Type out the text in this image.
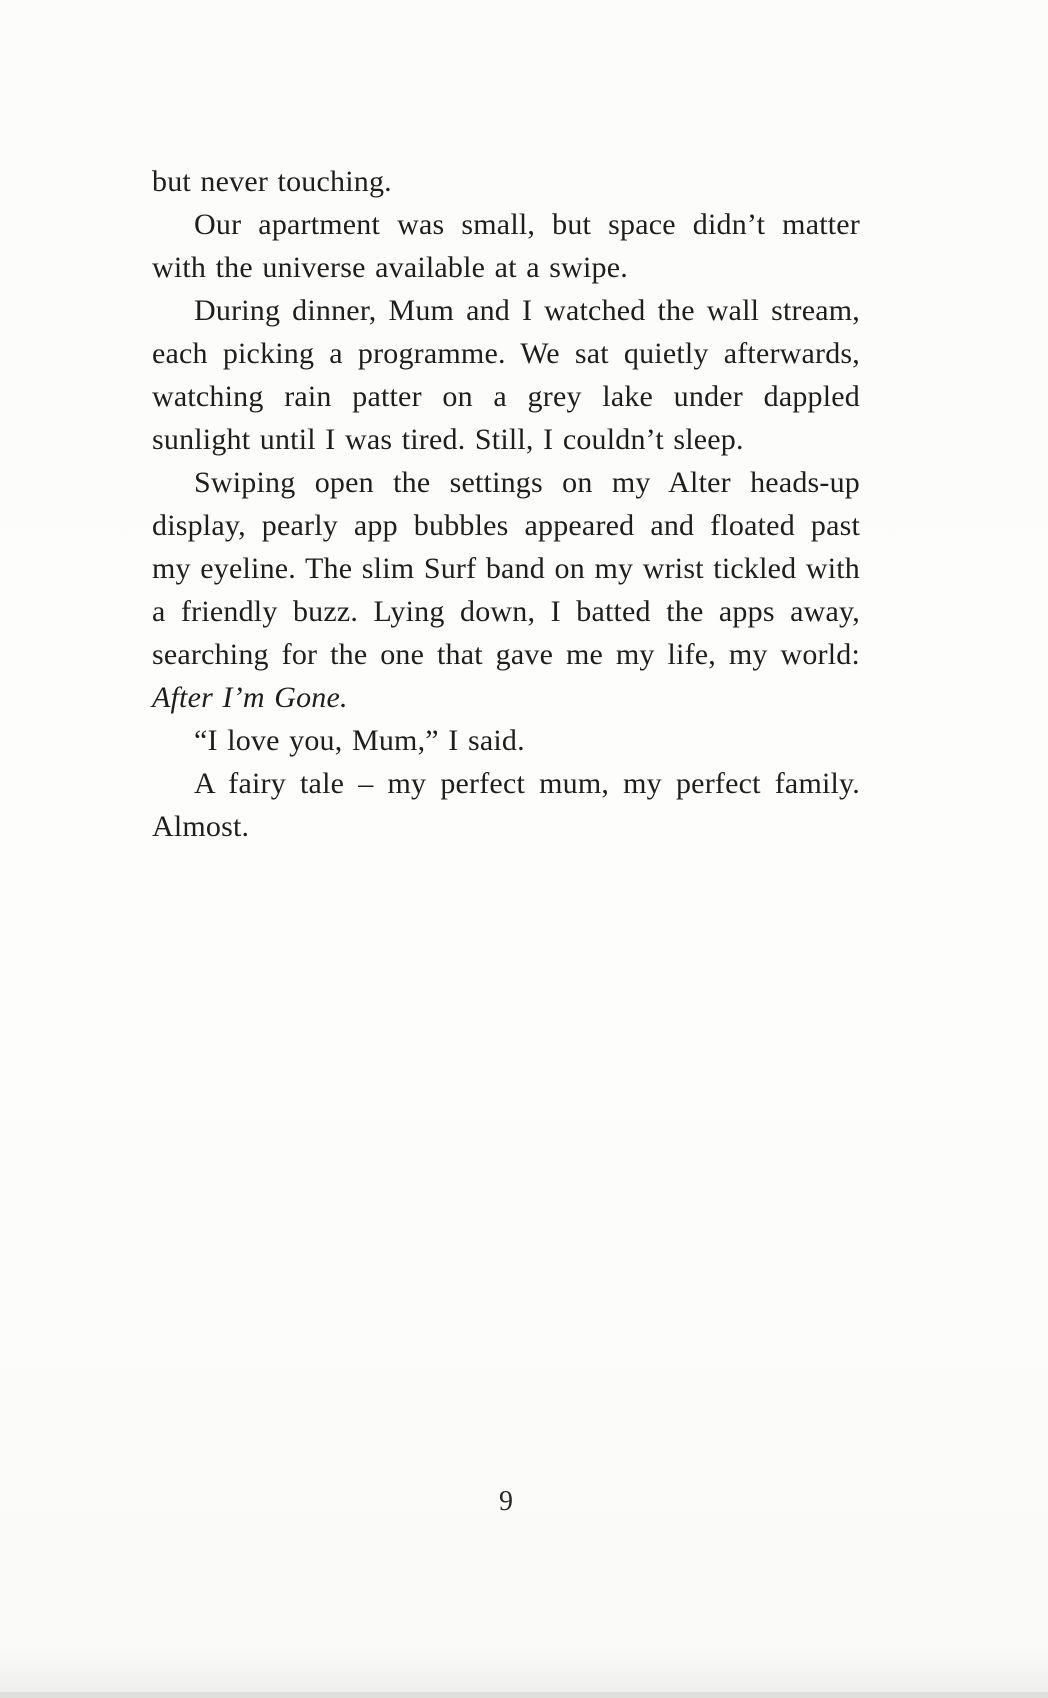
but never touching.

Our apartment was small, but space didn’t matter with the universe available at a swipe.

During dinner, Mum and I watched the wall stream, each picking a programme. We sat quietly afterwards, watching rain patter on a grey lake under dappled sunlight until I was tired. Still, I couldn’t sleep.

Swiping open the settings on my Alter heads-up display, pearly app bubbles appeared and floated past my eyeline. The slim Surf band on my wrist tickled with a friendly buzz. Lying down, I batted the apps away, searching for the one that gave me my life, my world: After I’m Gone.

“I love you, Mum,” I said.

A fairy tale – my perfect mum, my perfect family. Almost.

9
